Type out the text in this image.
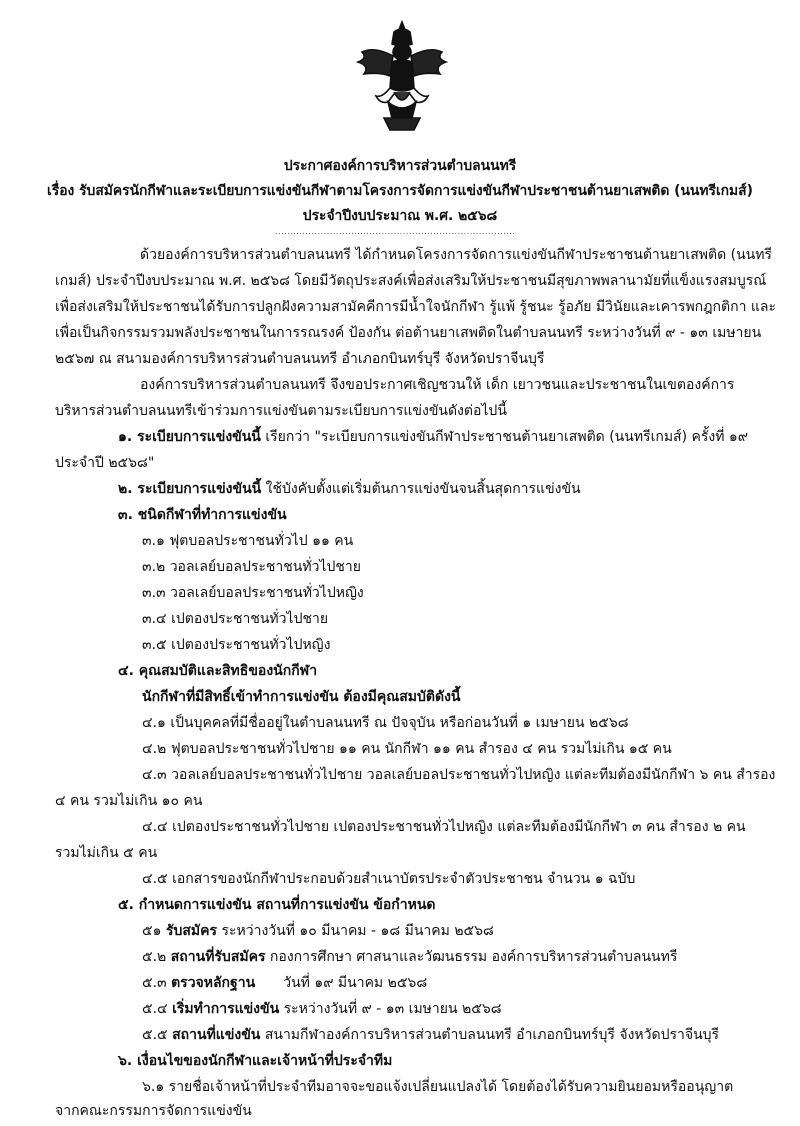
ประกาศองค์การบริหารส่วนตำบลนนทรี
เรื่อง รับสมัครนักกีฬาและระเบียบการแข่งขันกีฬาตามโครงการจัดการแข่งขันกีฬาประชาชนต้านยาเสพติด (นนทรีเกมส์)
ประจำปีงบประมาณ พ.ศ. ๒๕๖๘
...............................................................................
ด้วยองค์การบริหารส่วนตำบลนนทรี ได้กำหนดโครงการจัดการแข่งขันกีฬาประชาชนต้านยาเสพติด (นนทรี
เกมส์) ประจำปีงบประมาณ พ.ศ. ๒๕๖๘ โดยมีวัตถุประสงค์เพื่อส่งเสริมให้ประชาชนมีสุขภาพพลานามัยที่แข็งแรงสมบูรณ์
เพื่อส่งเสริมให้ประชาชนได้รับการปลูกฝังความสามัคคีการมีน้ำใจนักกีฬา รู้แพ้ รู้ชนะ รู้อภัย มีวินัยและเคารพกฎกติกา และ
เพื่อเป็นกิจกรรมรวมพลังประชาชนในการรณรงค์ ป้องกัน ต่อต้านยาเสพติดในตำบลนนทรี ระหว่างวันที่ ๙ - ๑๓ เมษายน
๒๕๖๗ ณ สนามองค์การบริหารส่วนตำบลนนทรี อำเภอกบินทร์บุรี จังหวัดปราจีนบุรี
องค์การบริหารส่วนตำบลนนทรี จึงขอประกาศเชิญชวนให้ เด็ก เยาวชนและประชาชนในเขตองค์การ
บริหารส่วนตำบลนนทรีเข้าร่วมการแข่งขันตามระเบียบการแข่งขันดังต่อไปนี้
๑. ระเบียบการแข่งขันนี้ เรียกว่า "ระเบียบการแข่งขันกีฬาประชาชนต้านยาเสพติด (นนทรีเกมส์) ครั้งที่ ๑๙
ประจำปี ๒๕๖๘"
๒. ระเบียบการแข่งขันนี้ ใช้บังคับตั้งแต่เริ่มต้นการแข่งขันจนสิ้นสุดการแข่งขัน
๓. ชนิดกีฬาที่ทำการแข่งขัน
๓.๑ ฟุตบอลประชาชนทั่วไป ๑๑ คน
๓.๒ วอลเลย์บอลประชาชนทั่วไปชาย
๓.๓ วอลเลย์บอลประชาชนทั่วไปหญิง
๓.๔ เปตองประชาชนทั่วไปชาย
๓.๕ เปตองประชาชนทั่วไปหญิง
๔. คุณสมบัติและสิทธิของนักกีฬา
นักกีฬาที่มีสิทธิ์เข้าทำการแข่งขัน ต้องมีคุณสมบัติดังนี้
๔.๑ เป็นบุคคลที่มีชื่ออยู่ในตำบลนนทรี ณ ปัจจุบัน หรือก่อนวันที่ ๑ เมษายน ๒๕๖๘
๔.๒ ฟุตบอลประชาชนทั่วไปชาย ๑๑ คน นักกีฬา ๑๑ คน สำรอง ๔ คน รวมไม่เกิน ๑๕ คน
๔.๓ วอลเลย์บอลประชาชนทั่วไปชาย วอลเลย์บอลประชาชนทั่วไปหญิง แต่ละทีมต้องมีนักกีฬา ๖ คน สำรอง
๔ คน รวมไม่เกิน ๑๐ คน
๔.๔ เปตองประชาชนทั่วไปชาย เปตองประชาชนทั่วไปหญิง แต่ละทีมต้องมีนักกีฬา ๓ คน สำรอง ๒ คน
รวมไม่เกิน ๕ คน
๔.๕ เอกสารของนักกีฬาประกอบด้วยสำเนาบัตรประจำตัวประชาชน จำนวน ๑ ฉบับ
๕. กำหนดการแข่งขัน สถานที่การแข่งขัน ข้อกำหนด
๕๑ รับสมัคร ระหว่างวันที่ ๑๐ มีนาคม - ๑๘ มีนาคม ๒๕๖๘
๕.๒ สถานที่รับสมัคร กองการศึกษา ศาสนาและวัฒนธรรม องค์การบริหารส่วนตำบลนนทรี
๕.๓ ตรวจหลักฐาน วันที่ ๑๙ มีนาคม ๒๕๖๘
๕.๔ เริ่มทำการแข่งขัน ระหว่างวันที่ ๙ - ๑๓ เมษายน ๒๕๖๘
๕.๕ สถานที่แข่งขัน สนามกีฬาองค์การบริหารส่วนตำบลนนทรี อำเภอกบินทร์บุรี จังหวัดปราจีนบุรี
๖. เงื่อนไขของนักกีฬาและเจ้าหน้าที่ประจำทีม
๖.๑ รายชื่อเจ้าหน้าที่ประจำทีมอาจจะขอแจ้งเปลี่ยนแปลงได้ โดยต้องได้รับความยินยอมหรืออนุญาต
จากคณะกรรมการจัดการแข่งขัน
